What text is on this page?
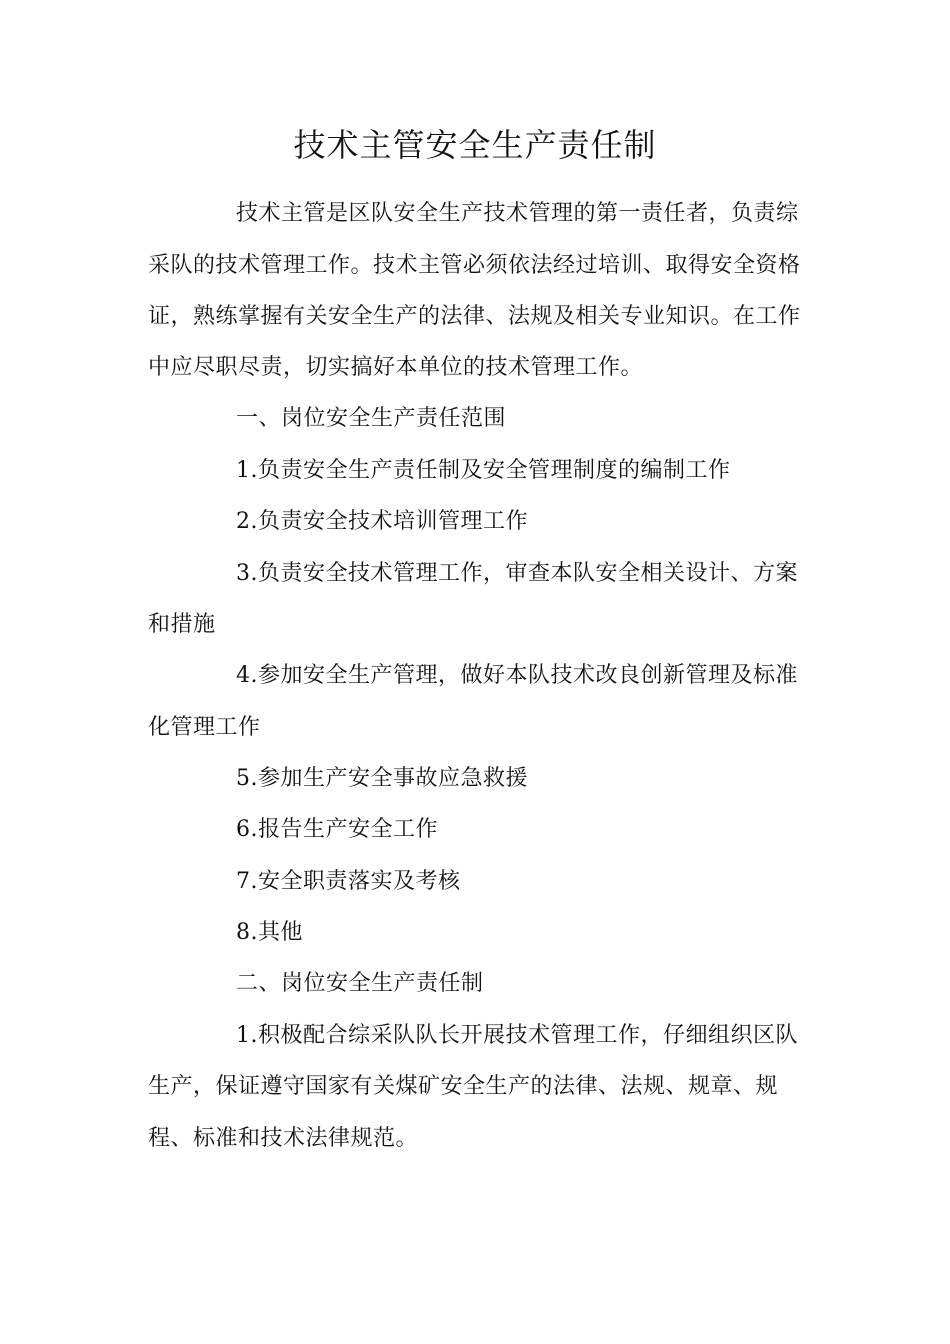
技术主管安全生产责任制
技术主管是区队安全生产技术管理的第一责任者，负责综
采队的技术管理工作。技术主管必须依法经过培训、取得安全资格
证，熟练掌握有关安全生产的法律、法规及相关专业知识。在工作
中应尽职尽责，切实搞好本单位的技术管理工作。
一、岗位安全生产责任范围
1.负责安全生产责任制及安全管理制度的编制工作
2.负责安全技术培训管理工作
3.负责安全技术管理工作，审查本队安全相关设计、方案
和措施
4.参加安全生产管理，做好本队技术改良创新管理及标准
化管理工作
5.参加生产安全事故应急救援
6.报告生产安全工作
7.安全职责落实及考核
8.其他
二、岗位安全生产责任制
1.积极配合综采队队长开展技术管理工作，仔细组织区队
生产，保证遵守国家有关煤矿安全生产的法律、法规、规章、规
程、标准和技术法律规范。
